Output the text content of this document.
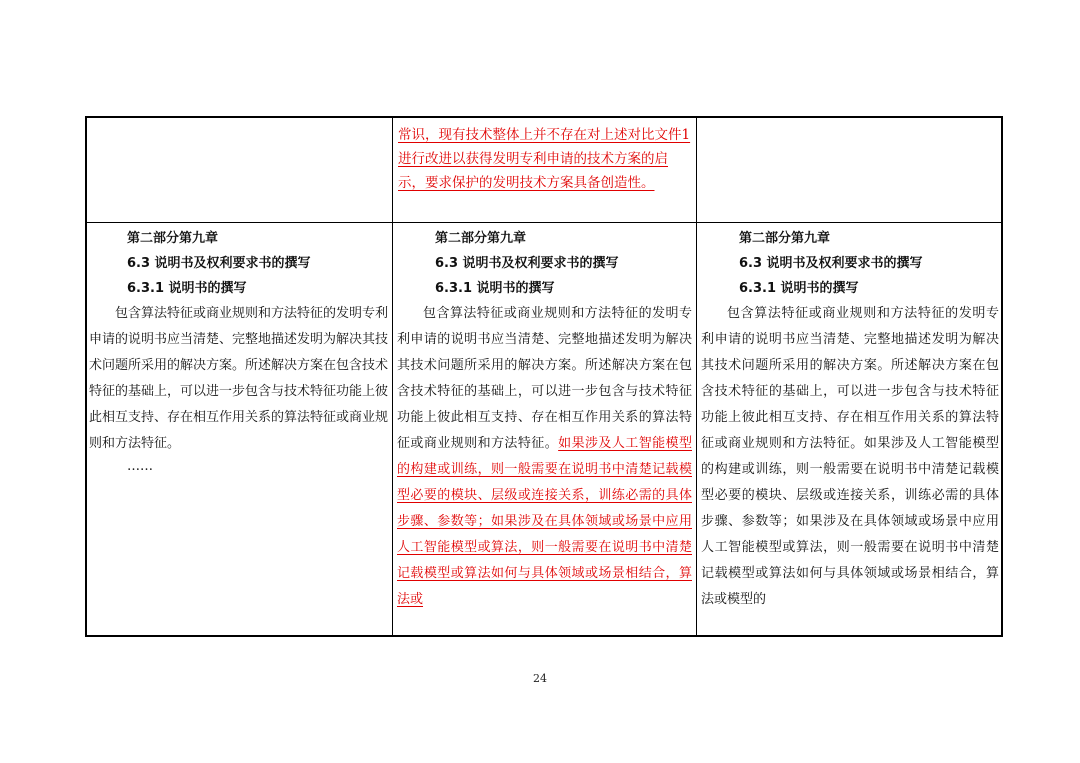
常识，现有技术整体上并不存在对上述对比文件1进行改进以获得发明专利申请的技术方案的启示，要求保护的发明技术方案具备创造性。
第二部分第九章
6.3 说明书及权利要求书的撰写
6.3.1 说明书的撰写

包含算法特征或商业规则和方法特征的发明专利申请的说明书应当清楚、完整地描述发明为解决其技术问题所采用的解决方案。所述解决方案在包含技术特征的基础上，可以进一步包含与技术特征功能上彼此相互支持、存在相互作用关系的算法特征或商业规则和方法特征。

……
第二部分第九章
6.3 说明书及权利要求书的撰写
6.3.1 说明书的撰写

包含算法特征或商业规则和方法特征的发明专利申请的说明书应当清楚、完整地描述发明为解决其技术问题所采用的解决方案。所述解决方案在包含技术特征的基础上，可以进一步包含与技术特征功能上彼此相互支持、存在相互作用关系的算法特征或商业规则和方法特征。如果涉及人工智能模型的构建或训练，则一般需要在说明书中清楚记载模型必要的模块、层级或连接关系，训练必需的具体步骤、参数等；如果涉及在具体领域或场景中应用人工智能模型或算法，则一般需要在说明书中清楚记载模型或算法如何与具体领域或场景相结合，算法或

第二部分第九章
6.3 说明书及权利要求书的撰写
6.3.1 说明书的撰写

包含算法特征或商业规则和方法特征的发明专利申请的说明书应当清楚、完整地描述发明为解决其技术问题所采用的解决方案。所述解决方案在包含技术特征的基础上，可以进一步包含与技术特征功能上彼此相互支持、存在相互作用关系的算法特征或商业规则和方法特征。如果涉及人工智能模型的构建或训练，则一般需要在说明书中清楚记载模型必要的模块、层级或连接关系，训练必需的具体步骤、参数等；如果涉及在具体领域或场景中应用人工智能模型或算法，则一般需要在说明书中清楚记载模型或算法如何与具体领域或场景相结合，算法或模型的

24
